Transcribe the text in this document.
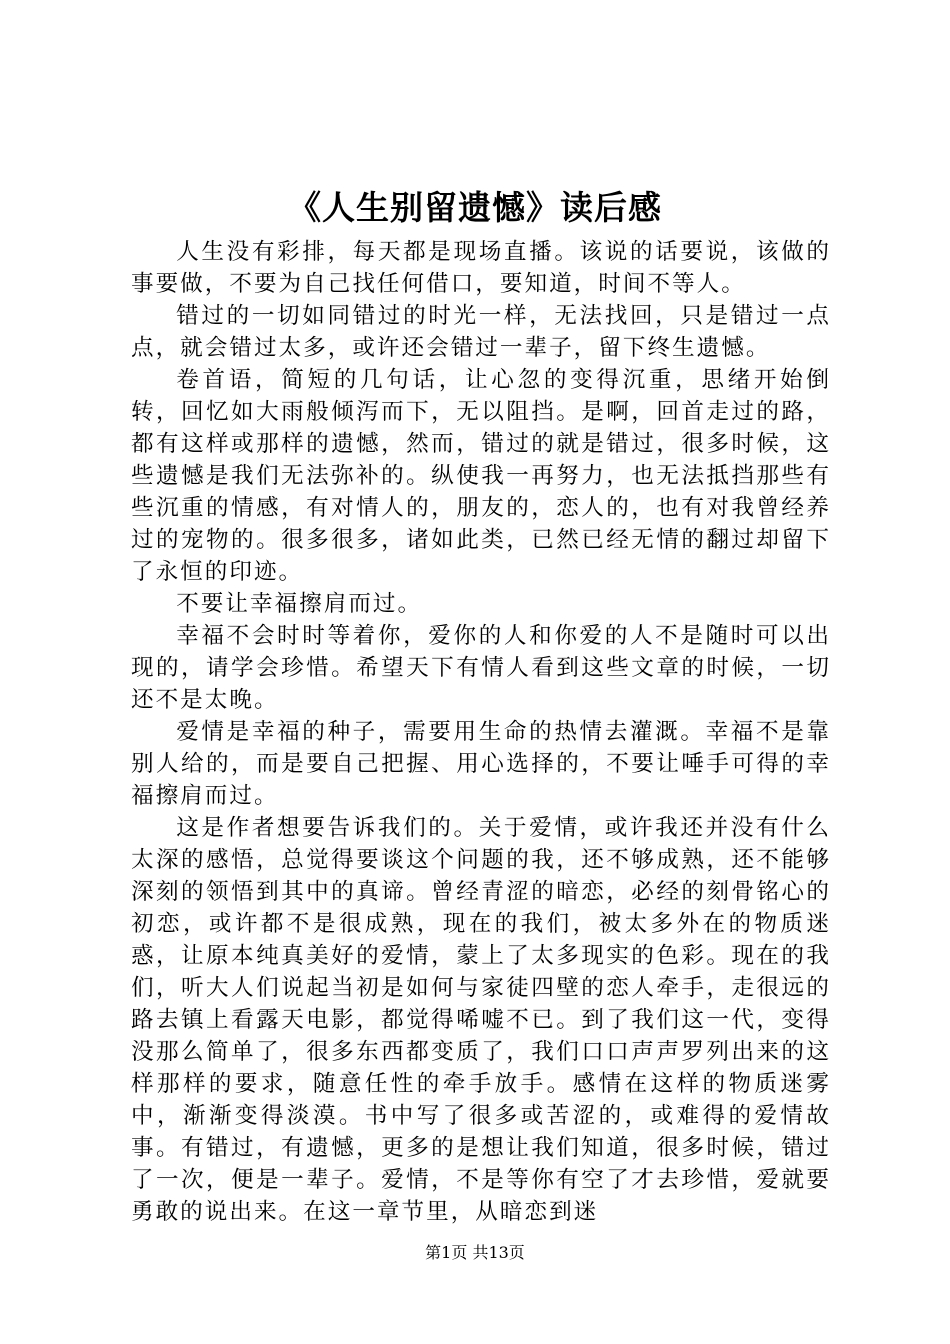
《人生别留遗憾》读后感

人生没有彩排，每天都是现场直播。该说的话要说，该做的事要做，不要为自己找任何借口，要知道，时间不等人。

错过的一切如同错过的时光一样，无法找回，只是错过一点点，就会错过太多，或许还会错过一辈子，留下终生遗憾。

卷首语，简短的几句话，让心忽的变得沉重，思绪开始倒转，回忆如大雨般倾泻而下，无以阻挡。是啊，回首走过的路，都有这样或那样的遗憾，然而，错过的就是错过，很多时候，这些遗憾是我们无法弥补的。纵使我一再努力，也无法抵挡那些有些沉重的情感，有对情人的，朋友的，恋人的，也有对我曾经养过的宠物的。很多很多，诸如此类，已然已经无情的翻过却留下了永恒的印迹。

不要让幸福擦肩而过。

幸福不会时时等着你，爱你的人和你爱的人不是随时可以出现的，请学会珍惜。希望天下有情人看到这些文章的时候，一切还不是太晚。

爱情是幸福的种子，需要用生命的热情去灌溉。幸福不是靠别人给的，而是要自己把握、用心选择的，不要让唾手可得的幸福擦肩而过。

这是作者想要告诉我们的。关于爱情，或许我还并没有什么太深的感悟，总觉得要谈这个问题的我，还不够成熟，还不能够深刻的领悟到其中的真谛。曾经青涩的暗恋，必经的刻骨铭心的初恋，或许都不是很成熟，现在的我们，被太多外在的物质迷惑，让原本纯真美好的爱情，蒙上了太多现实的色彩。现在的我们，听大人们说起当初是如何与家徒四壁的恋人牵手，走很远的路去镇上看露天电影，都觉得唏嘘不已。到了我们这一代，变得没那么简单了，很多东西都变质了，我们口口声声罗列出来的这样那样的要求，随意任性的牵手放手。感情在这样的物质迷雾中，渐渐变得淡漠。书中写了很多或苦涩的，或难得的爱情故事。有错过，有遗憾，更多的是想让我们知道，很多时候，错过了一次，便是一辈子。爱情，不是等你有空了才去珍惜，爱就要勇敢的说出来。在这一章节里，从暗恋到迷

第1页 共13页
